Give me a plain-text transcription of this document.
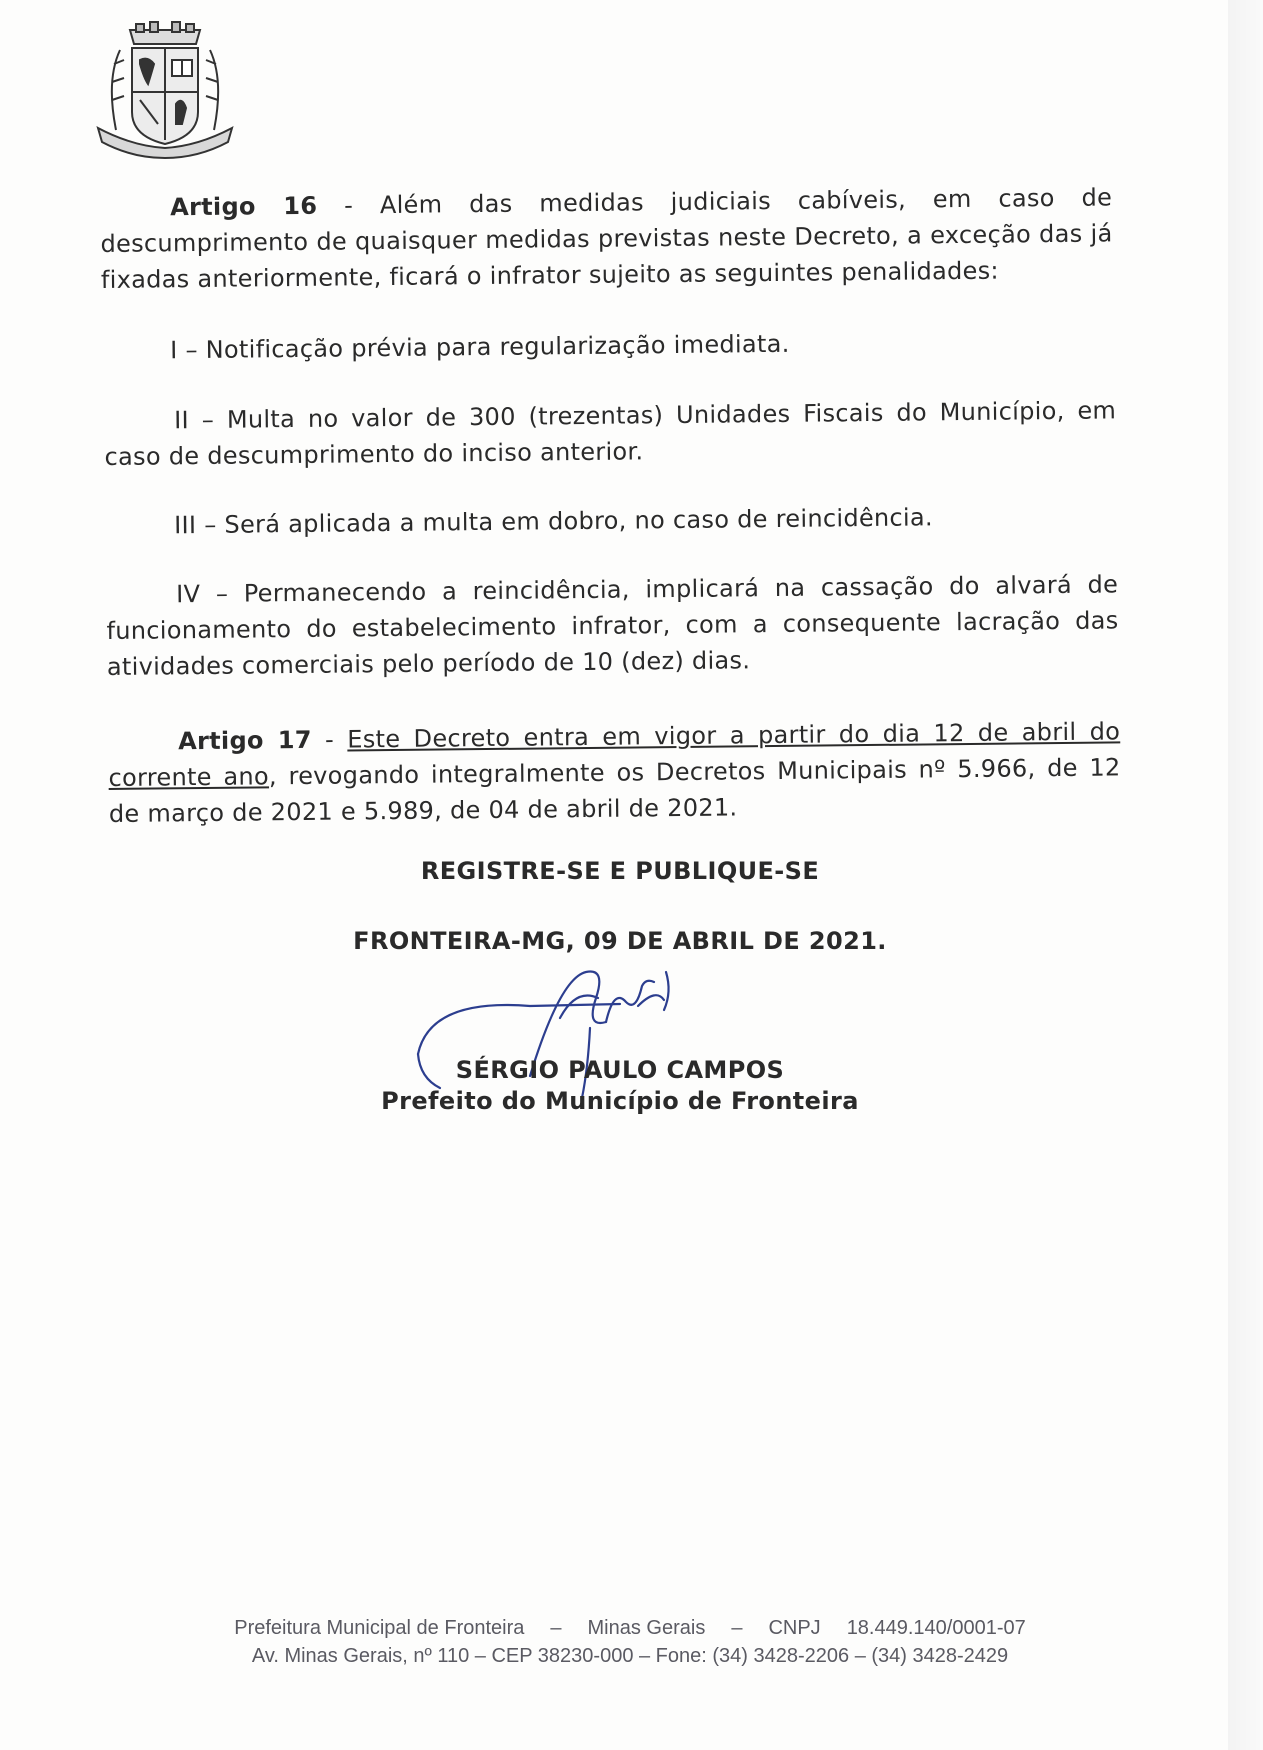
Artigo 16 - Além das medidas judiciais cabíveis, em caso de descumprimento de quaisquer medidas previstas neste Decreto, a exceção das já fixadas anteriormente, ficará o infrator sujeito as seguintes penalidades:

I – Notificação prévia para regularização imediata.

II – Multa no valor de 300 (trezentas) Unidades Fiscais do Município, em caso de descumprimento do inciso anterior.

III – Será aplicada a multa em dobro, no caso de reincidência.

IV – Permanecendo a reincidência, implicará na cassação do alvará de funcionamento do estabelecimento infrator, com a consequente lacração das atividades comerciais pelo período de 10 (dez) dias.

Artigo 17 - Este Decreto entra em vigor a partir do dia 12 de abril do corrente ano, revogando integralmente os Decretos Municipais nº 5.966, de 12 de março de 2021 e 5.989, de 04 de abril de 2021.

REGISTRE-SE E PUBLIQUE-SE

FRONTEIRA-MG, 09 DE ABRIL DE 2021.

SÉRGIO PAULO CAMPOS

Prefeito do Município de Fronteira

Prefeitura Municipal de Fronteira – Minas Gerais – CNPJ 18.449.140/0001-07

Av. Minas Gerais, nº 110 – CEP 38230-000 – Fone: (34) 3428-2206 – (34) 3428-2429
